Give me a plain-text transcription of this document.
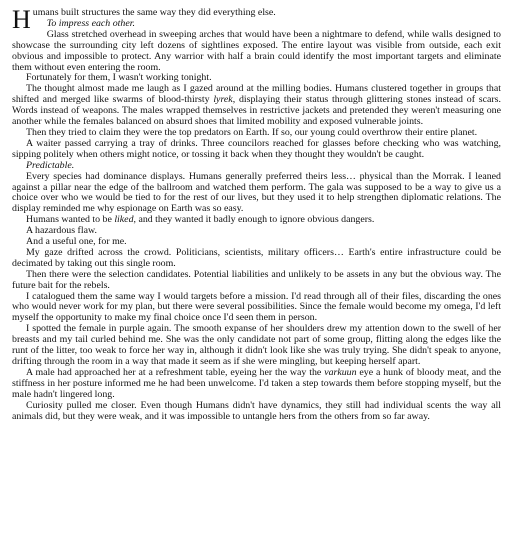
Humans built structures the same way they did everything else.

To impress each other.

Glass stretched overhead in sweeping arches that would have been a nightmare to defend, while walls designed to showcase the surrounding city left dozens of sightlines exposed. The entire layout was visible from outside, each exit obvious and impossible to protect. Any warrior with half a brain could identify the most important targets and eliminate them without even entering the room.

Fortunately for them, I wasn't working tonight.

The thought almost made me laugh as I gazed around at the milling bodies. Humans clustered together in groups that shifted and merged like swarms of blood-thirsty lyrek, displaying their status through glittering stones instead of scars. Words instead of weapons. The males wrapped themselves in restrictive jackets and pretended they weren't measuring one another while the females balanced on absurd shoes that limited mobility and exposed vulnerable joints.

Then they tried to claim they were the top predators on Earth. If so, our young could overthrow their entire planet.

A waiter passed carrying a tray of drinks. Three councilors reached for glasses before checking who was watching, sipping politely when others might notice, or tossing it back when they thought they wouldn't be caught.

Predictable.

Every species had dominance displays. Humans generally preferred theirs less… physical than the Morrak. I leaned against a pillar near the edge of the ballroom and watched them perform. The gala was supposed to be a way to give us a choice over who we would be tied to for the rest of our lives, but they used it to help strengthen diplomatic relations. The display reminded me why espionage on Earth was so easy.

Humans wanted to be liked, and they wanted it badly enough to ignore obvious dangers.

A hazardous flaw.

And a useful one, for me.

My gaze drifted across the crowd. Politicians, scientists, military officers… Earth's entire infrastructure could be decimated by taking out this single room.

Then there were the selection candidates. Potential liabilities and unlikely to be assets in any but the obvious way. The future bait for the rebels.

I catalogued them the same way I would targets before a mission. I'd read through all of their files, discarding the ones who would never work for my plan, but there were several possibilities. Since the female would become my omega, I'd left myself the opportunity to make my final choice once I'd seen them in person.

I spotted the female in purple again. The smooth expanse of her shoulders drew my attention down to the swell of her breasts and my tail curled behind me. She was the only candidate not part of some group, flitting along the edges like the runt of the litter, too weak to force her way in, although it didn't look like she was truly trying. She didn't speak to anyone, drifting through the room in a way that made it seem as if she were mingling, but keeping herself apart.

A male had approached her at a refreshment table, eyeing her the way the varkuun eye a hunk of bloody meat, and the stiffness in her posture informed me he had been unwelcome. I'd taken a step towards them before stopping myself, but the male hadn't lingered long.

Curiosity pulled me closer. Even though Humans didn't have dynamics, they still had individual scents the way all animals did, but they were weak, and it was impossible to untangle hers from the others from so far away.
